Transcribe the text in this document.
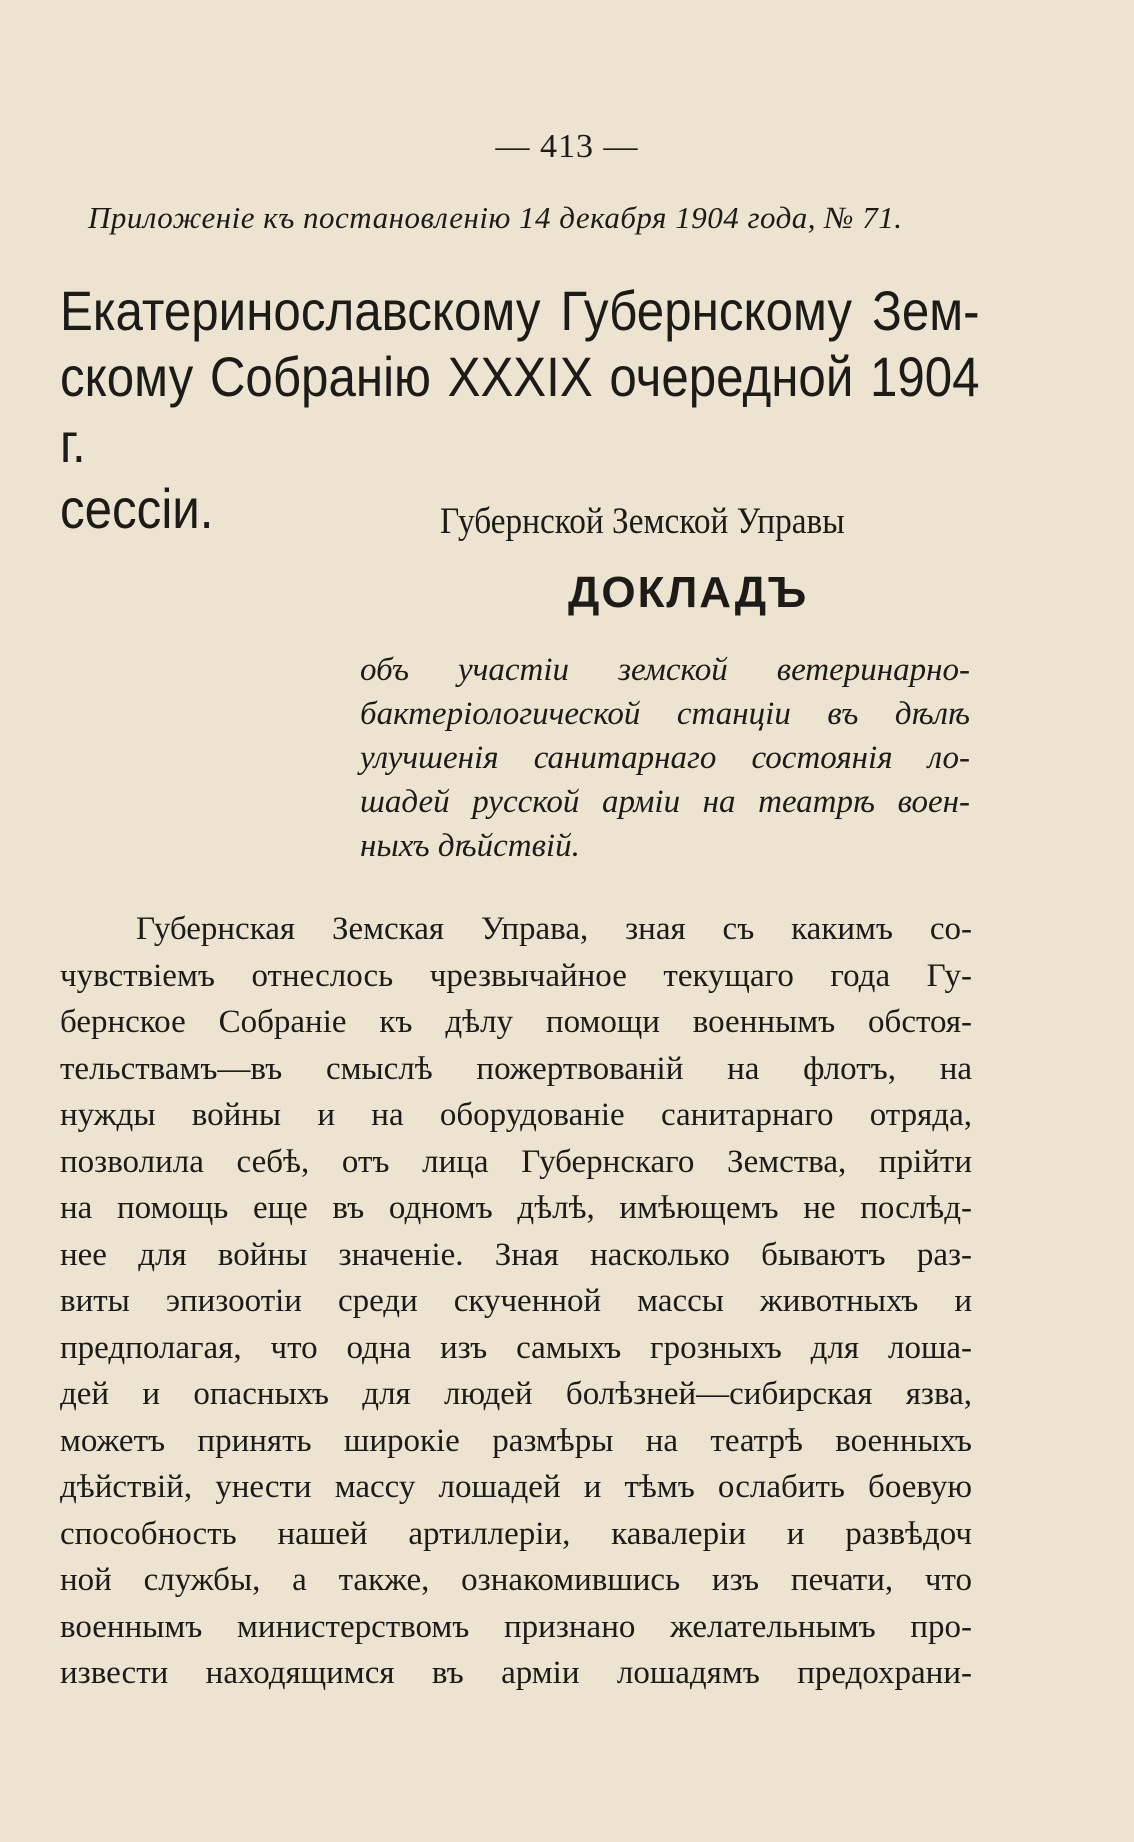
— 413 —
Приложеніе къ постановленію 14 декабря 1904 года, № 71.
Екатеринославскому Губернскому Зем-
скому Собранію XXXIX очередной 1904 г.
сессіи.	Губернской Земской Управы
ДОКЛАДЪ
объ участіи земской ветеринарно-
бактеріологической станціи въ дѣлѣ
улучшенія санитарнаго состоянія ло-
шадей русской арміи на театрѣ воен-
ныхъ дѣйствій.
Губернская Земская Управа, зная съ какимъ со-
чувствіемъ отнеслось чрезвычайное текущаго года Гу-
бернское Собраніе къ дѣлу помощи военнымъ обстоя-
тельствамъ—въ смыслѣ пожертвованій на флотъ, на
нужды войны и на оборудованіе санитарнаго отряда,
позволила себѣ, отъ лица Губернскаго Земства, прійти
на помощь еще въ одномъ дѣлѣ, имѣющемъ не послѣд-
нее для войны значеніе. Зная насколько бываютъ раз-
виты эпизоотіи среди скученной массы животныхъ и
предполагая, что одна изъ самыхъ грозныхъ для лоша-
дей и опасныхъ для людей болѣзней—сибирская язва,
можетъ принять широкіе размѣры на театрѣ военныхъ
дѣйствій, унести массу лошадей и тѣмъ ослабить боевую
способность нашей артиллеріи, кавалеріи и развѣдоч
ной службы, а также, ознакомившись изъ печати, что
военнымъ министерствомъ признано желательнымъ про-
извести находящимся въ арміи лошадямъ предохрани-
